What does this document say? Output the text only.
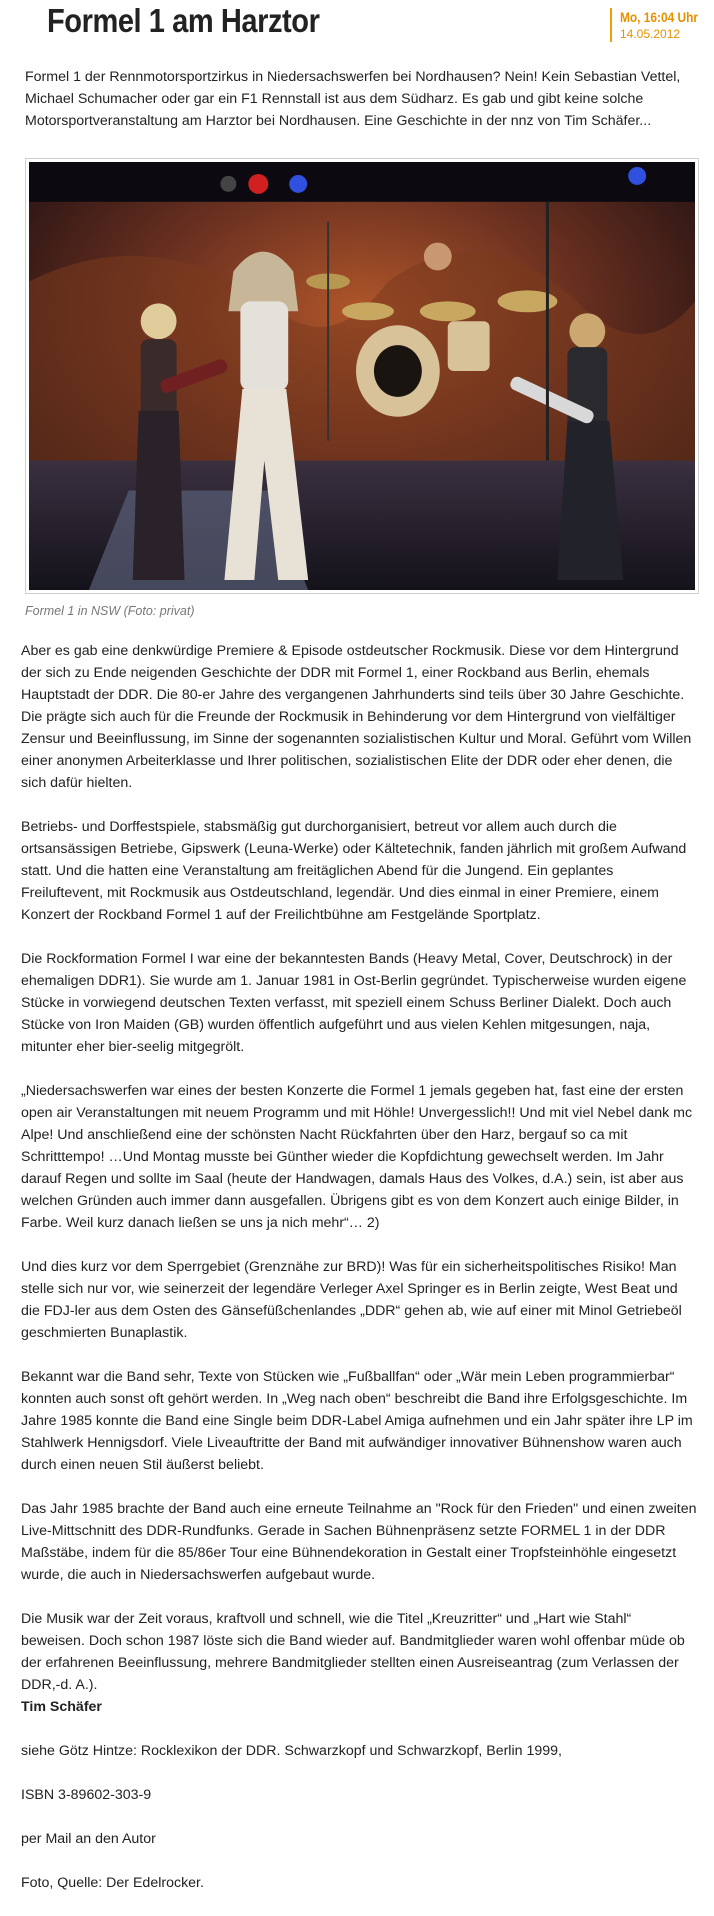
Formel 1 am Harztor	Mo, 16:04 Uhr
14.05.2012

Formel 1 der Rennmotorsportzirkus in Niedersachswerfen bei Nordhausen? Nein! Kein Sebastian Vettel, Michael Schumacher oder gar ein F1 Rennstall ist aus dem Südharz. Es gab und gibt keine solche Motorsportveranstaltung am Harztor bei Nordhausen. Eine Geschichte in der nnz von Tim Schäfer...

Formel 1 in NSW (Foto: privat)

Aber es gab eine denkwürdige Premiere & Episode ostdeutscher Rockmusik. Diese vor dem Hintergrund der sich zu Ende neigenden Geschichte der DDR mit Formel 1, einer Rockband aus Berlin, ehemals Hauptstadt der DDR. Die 80-er Jahre des vergangenen Jahrhunderts sind teils über 30 Jahre Geschichte. Die prägte sich auch für die Freunde der Rockmusik in Behinderung vor dem Hintergrund von vielfältiger Zensur und Beeinflussung, im Sinne der sogenannten sozialistischen Kultur und Moral. Geführt vom Willen einer anonymen Arbeiterklasse und Ihrer politischen, sozialistischen Elite der DDR oder eher denen, die sich dafür hielten.

Betriebs- und Dorffestspiele, stabsmäßig gut durchorganisiert, betreut vor allem auch durch die ortsansässigen Betriebe, Gipswerk (Leuna-Werke) oder Kältetechnik, fanden jährlich mit großem Aufwand statt. Und die hatten eine Veranstaltung am freitäglichen Abend für die Jungend. Ein geplantes Freiluftevent, mit Rockmusik aus Ostdeutschland, legendär. Und dies einmal in einer Premiere, einem Konzert der Rockband Formel 1 auf der Freilichtbühne am Festgelände Sportplatz.

Die Rockformation Formel I war eine der bekanntesten Bands (Heavy Metal, Cover, Deutschrock) in der ehemaligen DDR1). Sie wurde am 1. Januar 1981 in Ost-Berlin gegründet. Typischerweise wurden eigene Stücke in vorwiegend deutschen Texten verfasst, mit speziell einem Schuss Berliner Dialekt. Doch auch Stücke von Iron Maiden (GB) wurden öffentlich aufgeführt und aus vielen Kehlen mitgesungen, naja, mitunter eher bier-seelig mitgegrölt.

„Niedersachswerfen war eines der besten Konzerte die Formel 1 jemals gegeben hat, fast eine der ersten open air Veranstaltungen mit neuem Programm und mit Höhle! Unvergesslich!! Und mit viel Nebel dank mc Alpe! Und anschließend eine der schönsten Nacht Rückfahrten über den Harz, bergauf so ca mit Schritttempo! …Und Montag musste bei Günther wieder die Kopfdichtung gewechselt werden. Im Jahr darauf Regen und sollte im Saal (heute der Handwagen, damals Haus des Volkes, d.A.) sein, ist aber aus welchen Gründen auch immer dann ausgefallen. Übrigens gibt es von dem Konzert auch einige Bilder, in Farbe. Weil kurz danach ließen se uns ja nich mehr“… 2)

Und dies kurz vor dem Sperrgebiet (Grenznähe zur BRD)! Was für ein sicherheitspolitisches Risiko! Man stelle sich nur vor, wie seinerzeit der legendäre Verleger Axel Springer es in Berlin zeigte, West Beat und die FDJ-ler aus dem Osten des Gänsefüßchenlandes „DDR“ gehen ab, wie auf einer mit Minol Getriebeöl geschmierten Bunaplastik.

Bekannt war die Band sehr, Texte von Stücken wie „Fußballfan“ oder „Wär mein Leben programmierbar“ konnten auch sonst oft gehört werden. In „Weg nach oben“ beschreibt die Band ihre Erfolgsgeschichte. Im Jahre 1985 konnte die Band eine Single beim DDR-Label Amiga aufnehmen und ein Jahr später ihre LP im Stahlwerk Hennigsdorf. Viele Liveauftritte der Band mit aufwändiger innovativer Bühnenshow waren auch durch einen neuen Stil äußerst beliebt.

Das Jahr 1985 brachte der Band auch eine erneute Teilnahme an "Rock für den Frieden" und einen zweiten Live-Mittschnitt des DDR-Rundfunks. Gerade in Sachen Bühnenpräsenz setzte FORMEL 1 in der DDR Maßstäbe, indem für die 85/86er Tour eine Bühnendekoration in Gestalt einer Tropfsteinhöhle eingesetzt wurde, die auch in Niedersachswerfen aufgebaut wurde.

Die Musik war der Zeit voraus, kraftvoll und schnell, wie die Titel „Kreuzritter“ und „Hart wie Stahl“ beweisen. Doch schon 1987 löste sich die Band wieder auf. Bandmitglieder waren wohl offenbar müde ob der erfahrenen Beeinflussung, mehrere Bandmitglieder stellten einen Ausreiseantrag (zum Verlassen der DDR,-d. A.).

Tim Schäfer

siehe Götz Hintze: Rocklexikon der DDR. Schwarzkopf und Schwarzkopf, Berlin 1999,

ISBN 3-89602-303-9

per Mail an den Autor

Foto, Quelle: Der Edelrocker.
